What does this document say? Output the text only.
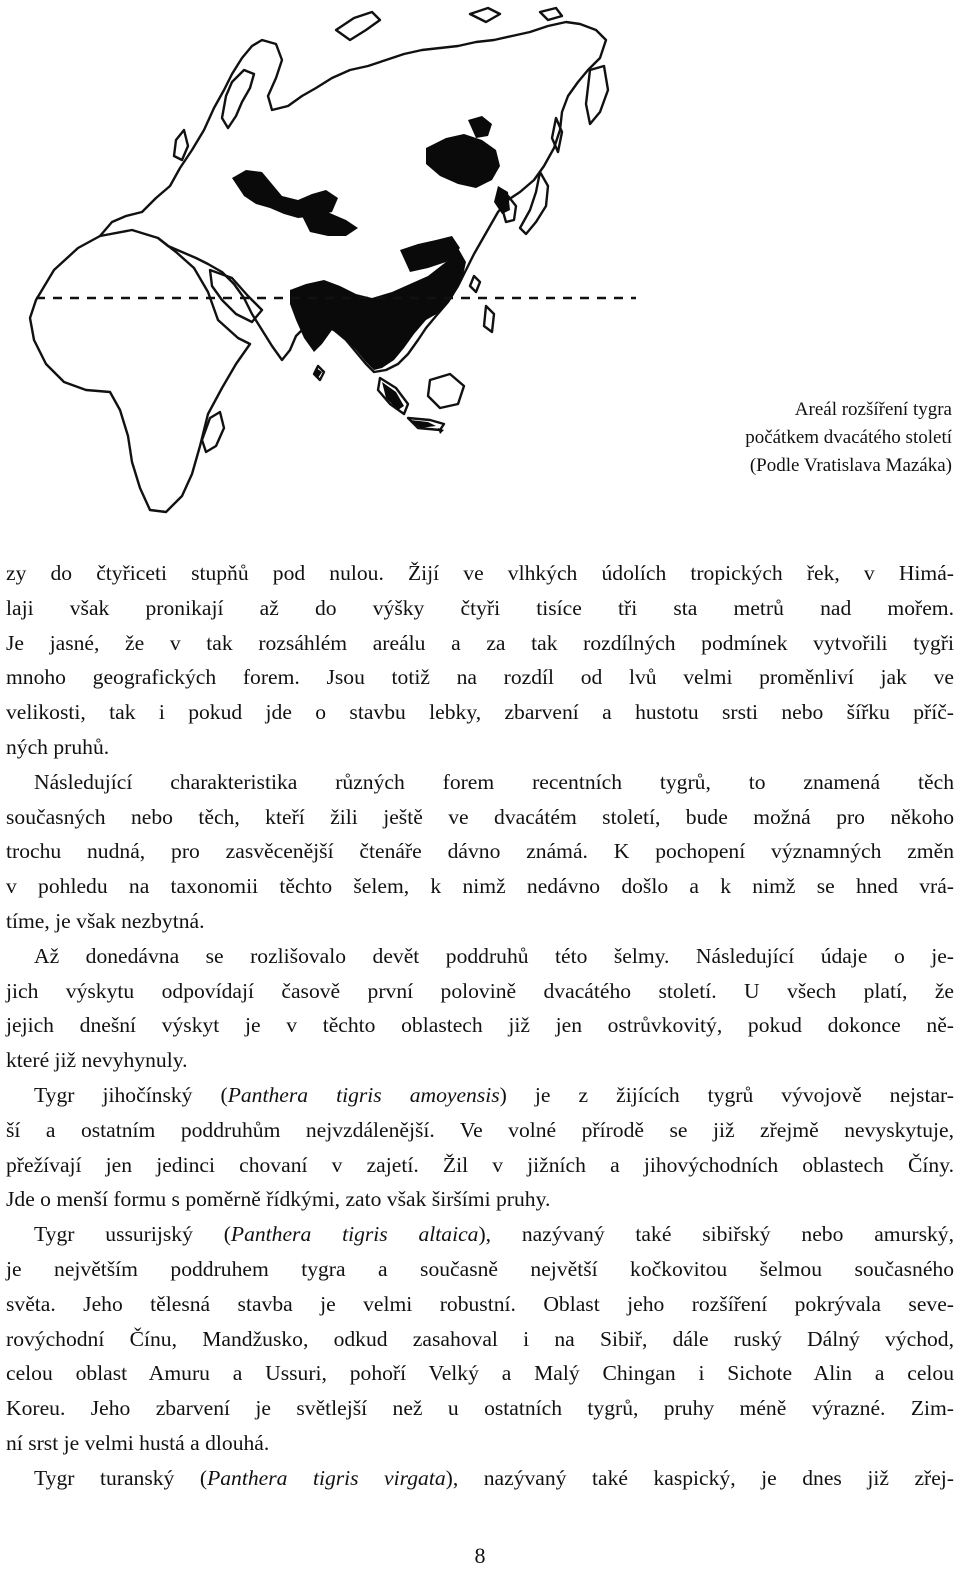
Areál rozšíření tygra
počátkem dvacátého století
(Podle Vratislava Mazáka)
zy do čtyřiceti stupňů pod nulou. Žijí ve vlhkých údolích tropických řek, v Himá-
laji však pronikají až do výšky čtyři tisíce tři sta metrů nad mořem.
Je jasné, že v tak rozsáhlém areálu a za tak rozdílných podmínek vytvořili tygři
mnoho geografických forem. Jsou totiž na rozdíl od lvů velmi proměnliví jak ve
velikosti, tak i pokud jde o stavbu lebky, zbarvení a hustotu srsti nebo šířku příč-
ných pruhů.
Následující charakteristika různých forem recentních tygrů, to znamená těch
současných nebo těch, kteří žili ještě ve dvacátém století, bude možná pro někoho
trochu nudná, pro zasvěcenější čtenáře dávno známá. K pochopení významných změn
v pohledu na taxonomii těchto šelem, k nimž nedávno došlo a k nimž se hned vrá-
tíme, je však nezbytná.
Až donedávna se rozlišovalo devět poddruhů této šelmy. Následující údaje o je-
jich výskytu odpovídají časově první polovině dvacátého století. U všech platí, že
jejich dnešní výskyt je v těchto oblastech již jen ostrůvkovitý, pokud dokonce ně-
které již nevyhynuly.
Tygr jihočínský (Panthera tigris amoyensis) je z žijících tygrů vývojově nejstar-
ší a ostatním poddruhům nejvzdálenější. Ve volné přírodě se již zřejmě nevyskytuje,
přežívají jen jedinci chovaní v zajetí. Žil v jižních a jihovýchodních oblastech Číny.
Jde o menší formu s poměrně řídkými, zato však širšími pruhy.
Tygr ussurijský (Panthera tigris altaica), nazývaný také sibiřský nebo amurský,
je největším poddruhem tygra a současně největší kočkovitou šelmou současného
světa. Jeho tělesná stavba je velmi robustní. Oblast jeho rozšíření pokrývala seve-
rovýchodní Čínu, Mandžusko, odkud zasahoval i na Sibiř, dále ruský Dálný východ,
celou oblast Amuru a Ussuri, pohoří Velký a Malý Chingan i Sichote Alin a celou
Koreu. Jeho zbarvení je světlejší než u ostatních tygrů, pruhy méně výrazné. Zim-
ní srst je velmi hustá a dlouhá.
Tygr turanský (Panthera tigris virgata), nazývaný také kaspický, je dnes již zřej-
8
